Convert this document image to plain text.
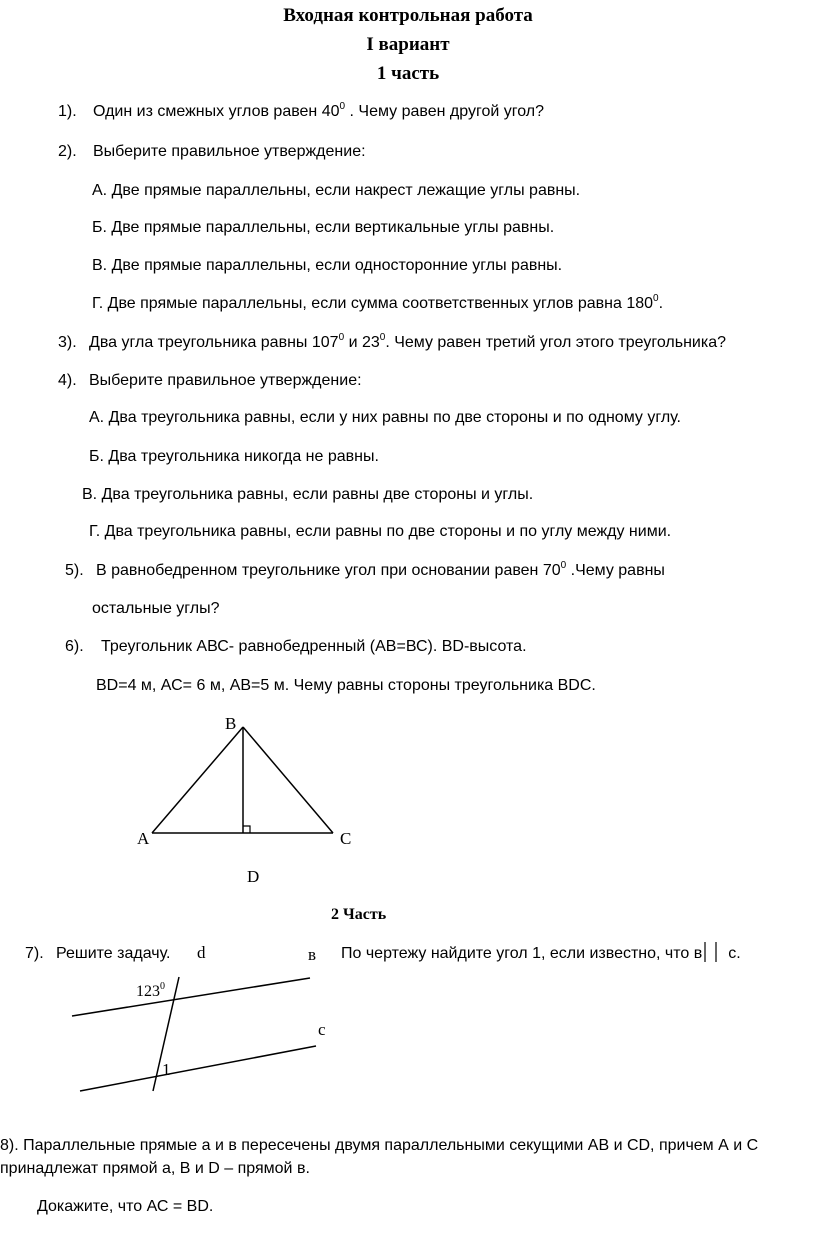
Входная контрольная работа
I вариант
1 часть
1). Один из смежных углов равен $40^0$ . Чему равен другой угол?
2). Выберите правильное утверждение:
А. Две прямые параллельны, если накрест лежащие углы равны.
Б. Две прямые параллельны, если вертикальные углы равны.
В. Две прямые параллельны, если односторонние углы равны.
Г. Две прямые параллельны, если сумма соответственных углов равна $180^0$.
3). Два угла треугольника равны $107^0$ и $23^0$. Чему равен третий угол этого треугольника?
4). Выберите правильное утверждение:
А. Два треугольника равны, если у них равны по две стороны и по одному углу.
Б. Два треугольника никогда не равны.
В. Два треугольника равны, если равны две стороны и углы.
Г. Два треугольника равны, если равны по две стороны и по углу между ними.
5). В равнобедренном треугольнике угол при основании равен $70^0$ .Чему равны
остальные углы?
6). Треугольник АВС- равнобедренный (АВ=ВС). ВD-высота.
ВD=4 м, АС= 6 м, АВ=5 м. Чему равны стороны треугольника ВDС.
B
A	C
D
2 Часть
7). Решите задачу. d	в По чертежу найдите угол 1, если известно, что в с.
$123^0$
с
1
8). Параллельные прямые а и в пересечены двумя параллельными секущими АВ и СD, причем А и С
принадлежат прямой а, В и D – прямой в.
Докажите, что АС = ВD.
